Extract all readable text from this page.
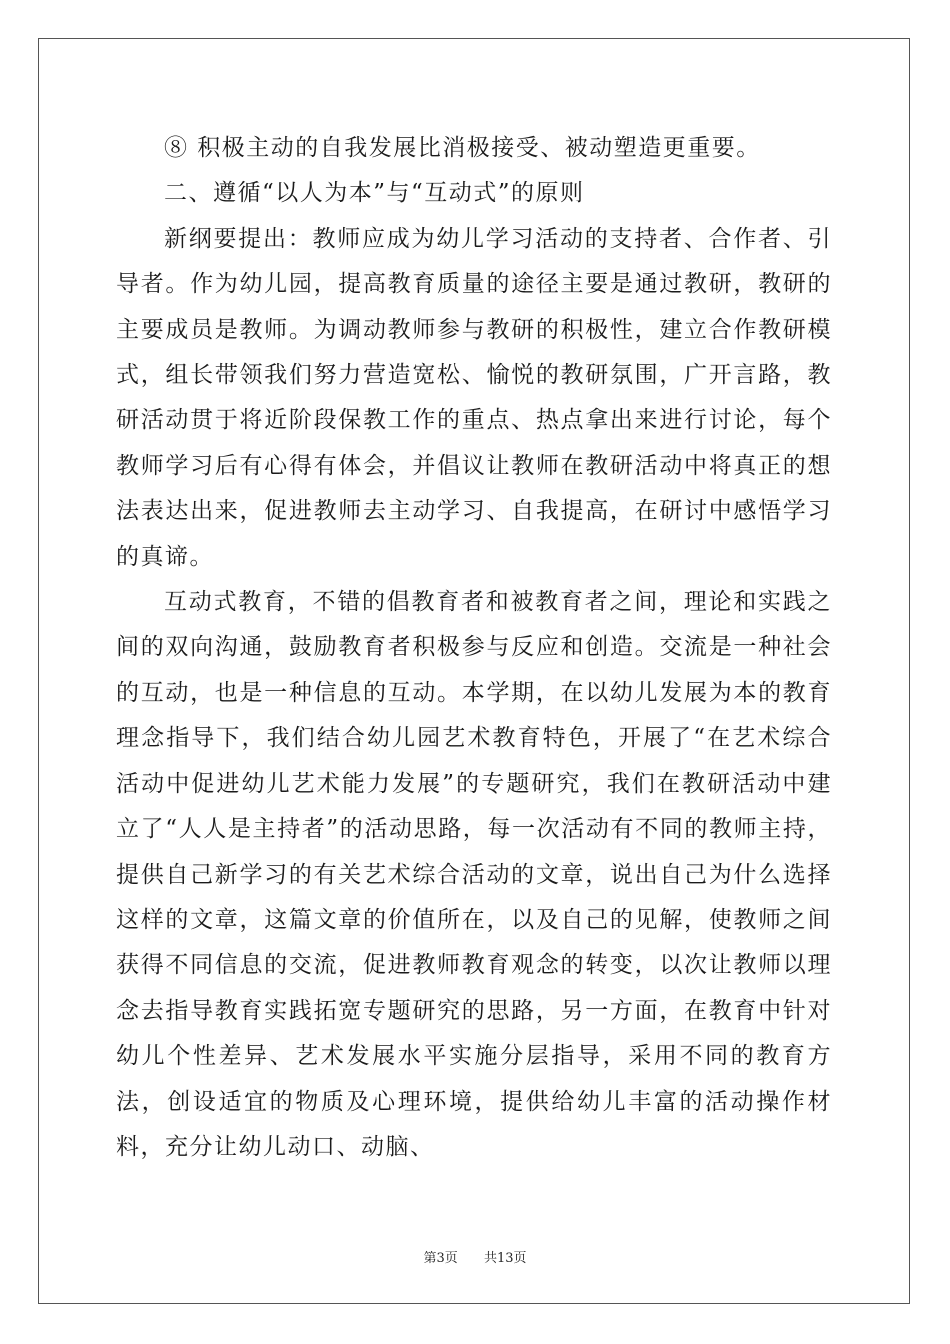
⑧ 积极主动的自我发展比消极接受、被动塑造更重要。

二、遵循“以人为本”与“互动式”的原则

新纲要提出：教师应成为幼儿学习活动的支持者、合作者、引导者。作为幼儿园，提高教育质量的途径主要是通过教研，教研的主要成员是教师。为调动教师参与教研的积极性，建立合作教研模式，组长带领我们努力营造宽松、愉悦的教研氛围，广开言路，教研活动贯于将近阶段保教工作的重点、热点拿出来进行讨论，每个教师学习后有心得有体会，并倡议让教师在教研活动中将真正的想法表达出来，促进教师去主动学习、自我提高，在研讨中感悟学习的真谛。

互动式教育，不错的倡教育者和被教育者之间，理论和实践之间的双向沟通，鼓励教育者积极参与反应和创造。交流是一种社会的互动，也是一种信息的互动。本学期，在以幼儿发展为本的教育理念指导下，我们结合幼儿园艺术教育特色，开展了“在艺术综合活动中促进幼儿艺术能力发展”的专题研究，我们在教研活动中建立了“人人是主持者”的活动思路，每一次活动有不同的教师主持，提供自己新学习的有关艺术综合活动的文章，说出自己为什么选择这样的文章，这篇文章的价值所在，以及自己的见解，使教师之间获得不同信息的交流，促进教师教育观念的转变，以次让教师以理念去指导教育实践拓宽专题研究的思路，另一方面，在教育中针对幼儿个性差异、艺术发展水平实施分层指导，采用不同的教育方法，创设适宜的物质及心理环境，提供给幼儿丰富的活动操作材料，充分让幼儿动口、动脑、

第3页 共13页
